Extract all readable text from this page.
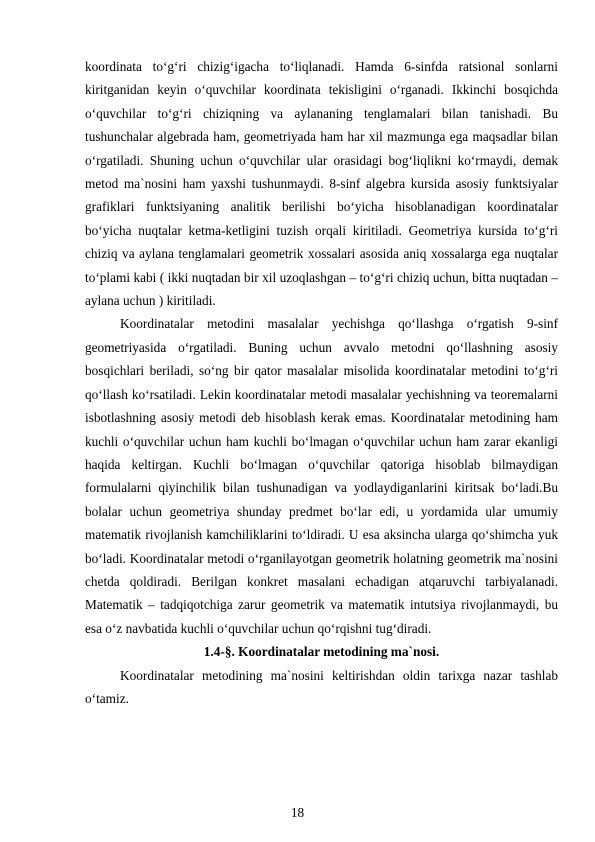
koordinata to‘g‘ri chizig‘igacha to‘liqlanadi. Hamda 6-sinfda ratsional sonlarni kiritganidan keyin o‘quvchilar koordinata tekisligini o‘rganadi. Ikkinchi bosqichda o‘quvchilar to‘g‘ri chiziqning va aylananing tenglamalari bilan tanishadi. Bu tushunchalar algebrada ham, geometriyada ham har xil mazmunga ega maqsadlar bilan o‘rgatiladi. Shuning uchun o‘quvchilar ular orasidagi bog‘liqlikni ko‘rmaydi, demak metod ma`nosini ham yaxshi tushunmaydi. 8-sinf algebra kursida asosiy funktsiyalar grafiklari funktsiyaning analitik berilishi bo‘yicha hisoblanadigan koordinatalar bo‘yicha nuqtalar ketma-ketligini tuzish orqali kiritiladi. Geometriya kursida to‘g‘ri chiziq va aylana tenglamalari geometrik xossalari asosida aniq xossalarga ega nuqtalar to‘plami kabi ( ikki nuqtadan bir xil uzoqlashgan – to‘g‘ri chiziq uchun, bitta nuqtadan – aylana uchun ) kiritiladi.

Koordinatalar metodini masalalar yechishga qo‘llashga o‘rgatish 9-sinf geometriyasida o‘rgatiladi. Buning uchun avvalo metodni qo‘llashning asosiy bosqichlari beriladi, so‘ng bir qator masalalar misolida koordinatalar metodini to‘g‘ri qo‘llash ko‘rsatiladi. Lekin koordinatalar metodi masalalar yechishning va teoremalarni isbotlashning asosiy metodi deb hisoblash kerak emas. Koordinatalar metodining ham kuchli o‘quvchilar uchun ham kuchli bo‘lmagan o‘quvchilar uchun ham zarar ekanligi haqida keltirgan. Kuchli bo‘lmagan o‘quvchilar qatoriga hisoblab bilmaydigan formulalarni qiyinchilik bilan tushunadigan va yodlaydiganlarini kiritsak bo‘ladi.Bu bolalar uchun geometriya shunday predmet bo‘lar edi, u yordamida ular umumiy matematik rivojlanish kamchiliklarini to‘ldiradi. U esa aksincha ularga qo‘shimcha yuk bo‘ladi. Koordinatalar metodi o‘rganilayotgan geometrik holatning geometrik ma`nosini chetda qoldiradi. Berilgan konkret masalani echadigan atqaruvchi tarbiyalanadi. Matematik – tadqiqotchiga zarur geometrik va matematik intutsiya rivojlanmaydi, bu esa o‘z navbatida kuchli o‘quvchilar uchun qo‘rqishni tug‘diradi.

1.4-§. Koordinatalar metodining ma`nosi.

Koordinatalar metodining ma`nosini keltirishdan oldin tarixga nazar tashlab o‘tamiz.

18
